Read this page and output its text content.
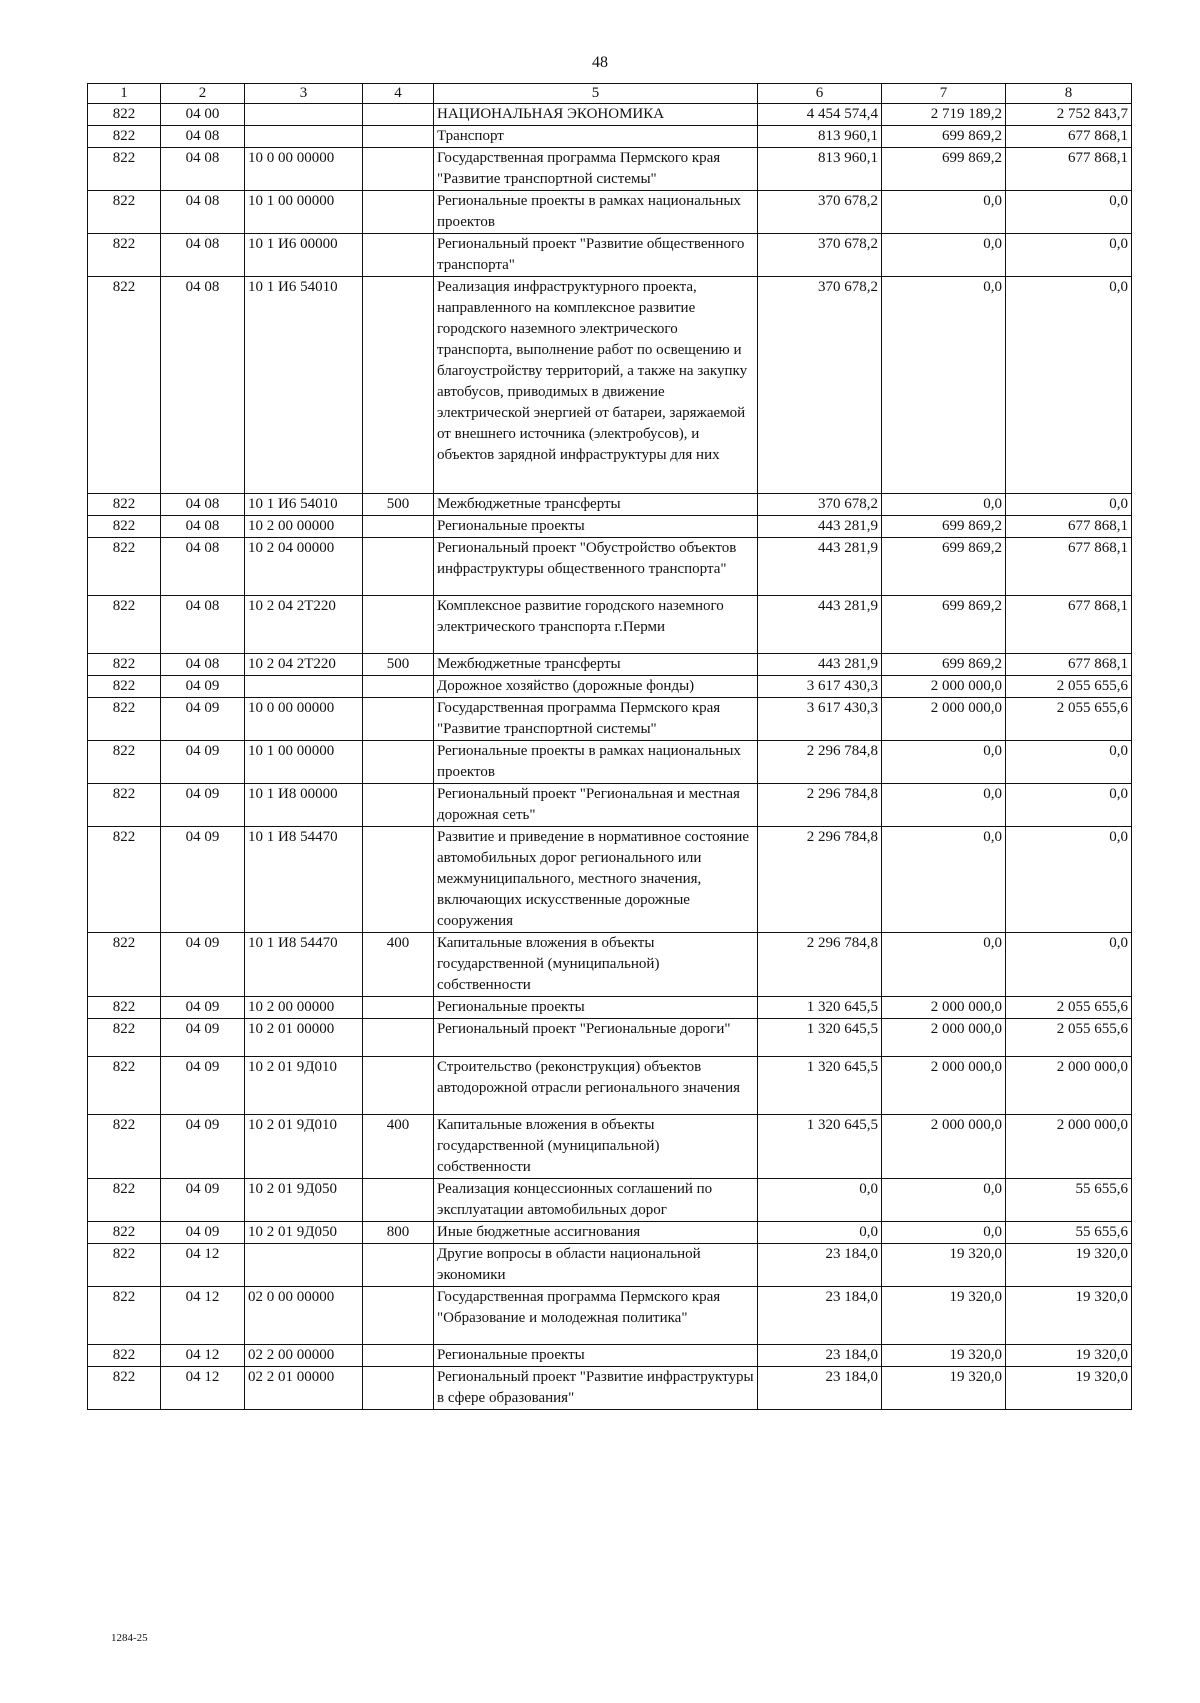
48
1	2	3	4	5	6	7	8
822	04 00			НАЦИОНАЛЬНАЯ ЭКОНОМИКА	4 454 574,4	2 719 189,2	2 752 843,7
822	04 08			Транспорт	813 960,1	699 869,2	677 868,1
822	04 08	10 0 00 00000		Государственная программа Пермского края "Развитие транспортной системы"	813 960,1	699 869,2	677 868,1
822	04 08	10 1 00 00000		Региональные проекты в рамках национальных проектов	370 678,2	0,0	0,0
822	04 08	10 1 И6 00000		Региональный проект "Развитие общественного транспорта"	370 678,2	0,0	0,0
822	04 08	10 1 И6 54010		Реализация инфраструктурного проекта, направленного на комплексное развитие городского наземного электрического транспорта, выполнение работ по освещению и благоустройству территорий, а также на закупку автобусов, приводимых в движение электрической энергией от батареи, заряжаемой от внешнего источника (электробусов), и объектов зарядной инфраструктуры для них	370 678,2	0,0	0,0
822	04 08	10 1 И6 54010	500	Межбюджетные трансферты	370 678,2	0,0	0,0
822	04 08	10 2 00 00000		Региональные проекты	443 281,9	699 869,2	677 868,1
822	04 08	10 2 04 00000		Региональный проект "Обустройство объектов инфраструктуры общественного транспорта"	443 281,9	699 869,2	677 868,1
822	04 08	10 2 04 2Т220		Комплексное развитие городского наземного электрического транспорта г.Перми	443 281,9	699 869,2	677 868,1
822	04 08	10 2 04 2Т220	500	Межбюджетные трансферты	443 281,9	699 869,2	677 868,1
822	04 09			Дорожное хозяйство (дорожные фонды)	3 617 430,3	2 000 000,0	2 055 655,6
822	04 09	10 0 00 00000		Государственная программа Пермского края "Развитие транспортной системы"	3 617 430,3	2 000 000,0	2 055 655,6
822	04 09	10 1 00 00000		Региональные проекты в рамках национальных проектов	2 296 784,8	0,0	0,0
822	04 09	10 1 И8 00000		Региональный проект "Региональная и местная дорожная сеть"	2 296 784,8	0,0	0,0
822	04 09	10 1 И8 54470		Развитие и приведение в нормативное состояние автомобильных дорог регионального или межмуниципального, местного значения, включающих искусственные дорожные сооружения	2 296 784,8	0,0	0,0
822	04 09	10 1 И8 54470	400	Капитальные вложения в объекты государственной (муниципальной) собственности	2 296 784,8	0,0	0,0
822	04 09	10 2 00 00000		Региональные проекты	1 320 645,5	2 000 000,0	2 055 655,6
822	04 09	10 2 01 00000		Региональный проект "Региональные дороги"	1 320 645,5	2 000 000,0	2 055 655,6
822	04 09	10 2 01 9Д010		Строительство (реконструкция) объектов автодорожной отрасли регионального значения	1 320 645,5	2 000 000,0	2 000 000,0
822	04 09	10 2 01 9Д010	400	Капитальные вложения в объекты государственной (муниципальной) собственности	1 320 645,5	2 000 000,0	2 000 000,0
822	04 09	10 2 01 9Д050		Реализация концессионных соглашений по эксплуатации автомобильных дорог	0,0	0,0	55 655,6
822	04 09	10 2 01 9Д050	800	Иные бюджетные ассигнования	0,0	0,0	55 655,6
822	04 12			Другие вопросы в области национальной экономики	23 184,0	19 320,0	19 320,0
822	04 12	02 0 00 00000		Государственная программа Пермского края "Образование и молодежная политика"	23 184,0	19 320,0	19 320,0
822	04 12	02 2 00 00000		Региональные проекты	23 184,0	19 320,0	19 320,0
822	04 12	02 2 01 00000		Региональный проект "Развитие инфраструктуры в сфере образования"	23 184,0	19 320,0	19 320,0
1284-25
